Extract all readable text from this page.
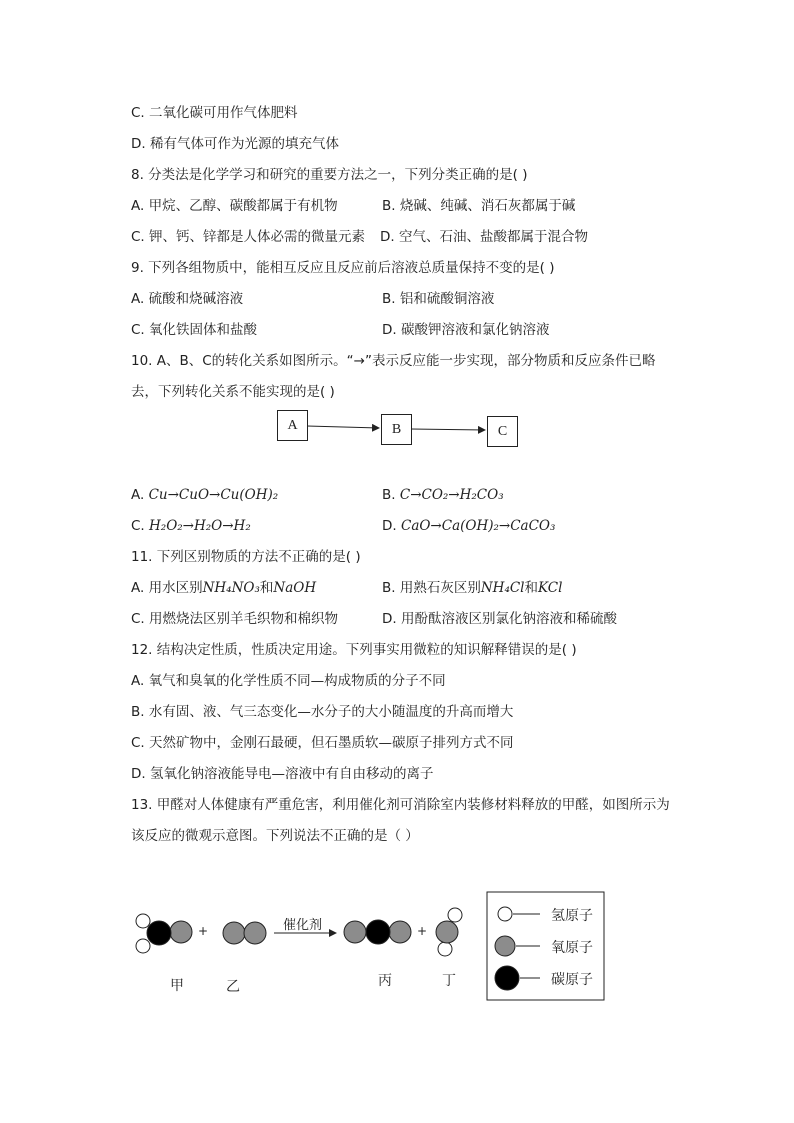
C. 二氧化碳可用作气体肥料
D. 稀有气体可作为光源的填充气体
8. 分类法是化学学习和研究的重要方法之一，下列分类正确的是( )
A. 甲烷、乙醇、碳酸都属于有机物	B. 烧碱、纯碱、消石灰都属于碱
C. 钾、钙、锌都是人体必需的微量元素 D. 空气、石油、盐酸都属于混合物
9. 下列各组物质中，能相互反应且反应前后溶液总质量保持不变的是( )
A. 硫酸和烧碱溶液	B. 铝和硫酸铜溶液
C. 氧化铁固体和盐酸	D. 碳酸钾溶液和氯化钠溶液
10. A、B、C的转化关系如图所示。“→”表示反应能一步实现，部分物质和反应条件已略
去，下列转化关系不能实现的是( )
A	B	C
A. Cu→CuO→Cu(OH)₂	B. C→CO₂→H₂CO₃
C. H₂O₂→H₂O→H₂	D. CaO→Ca(OH)₂→CaCO₃
11. 下列区别物质的方法不正确的是( )
A. 用水区别NH₄NO₃和NaOH	B. 用熟石灰区别NH₄Cl和KCl
C. 用燃烧法区别羊毛织物和棉织物	D. 用酚酞溶液区别氯化钠溶液和稀硫酸
12. 结构决定性质，性质决定用途。下列事实用微粒的知识解释错误的是( )
A. 氧气和臭氧的化学性质不同—构成物质的分子不同
B. 水有固、液、气三态变化—水分子的大小随温度的升高而增大
C. 天然矿物中，金刚石最硬，但石墨质软—碳原子排列方式不同
D. 氢氧化钠溶液能导电—溶液中有自由移动的离子
13. 甲醛对人体健康有严重危害，利用催化剂可消除室内装修材料释放的甲醛，如图所示为
该反应的微观示意图。下列说法不正确的是（ ）
催化剂
+	+
甲	乙	丙	丁
氢原子
氧原子
碳原子
